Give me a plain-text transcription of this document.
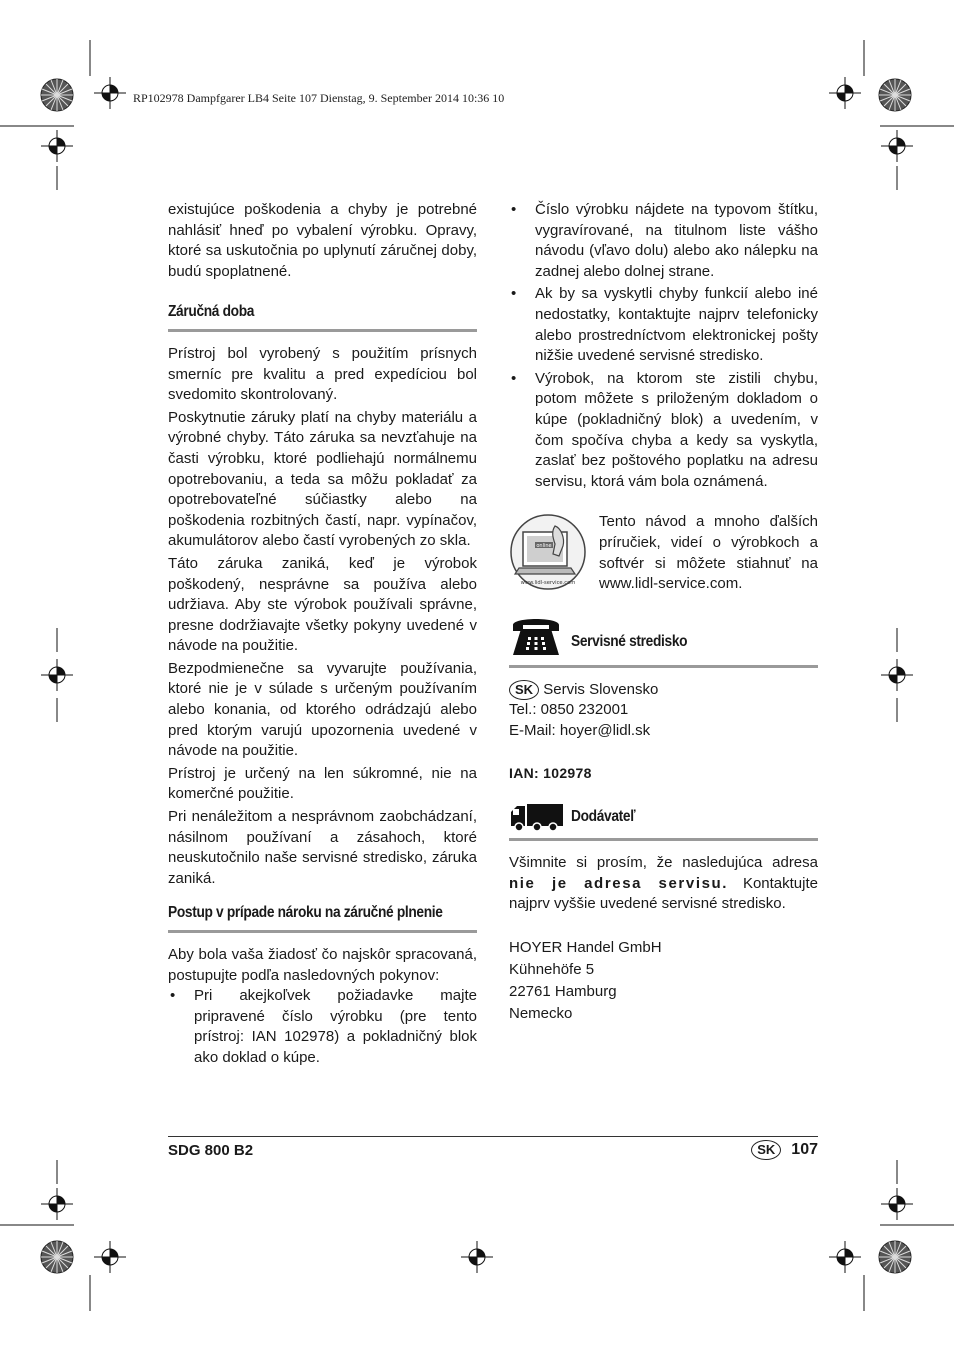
RP102978 Dampfgarer LB4 Seite 107 Dienstag, 9. September 2014 10:36 10

existujúce poškodenia a chyby je potrebné nahlásiť hneď po vybalení výrobku. Opravy, ktoré sa uskutočnia po uplynutí záručnej doby, budú spoplatnené.

Záručná doba

Prístroj bol vyrobený s použitím prísnych smerníc pre kvalitu a pred expedíciou bol svedomito skontrolovaný.

Poskytnutie záruky platí na chyby materiálu a výrobné chyby. Táto záruka sa nevzťahuje na časti výrobku, ktoré podliehajú normálnemu opotrebovaniu, a teda sa môžu pokladať za opotrebovateľné súčiastky alebo na poškodenia rozbitných častí, napr. vypínačov, akumulátorov alebo častí vyrobených zo skla.

Táto záruka zaniká, keď je výrobok poškodený, nesprávne sa používa alebo udržiava. Aby ste výrobok používali správne, presne dodržiavajte všetky pokyny uvedené v návode na použitie.

Bezpodmienečne sa vyvarujte používania, ktoré nie je v súlade s určeným používaním alebo konania, od ktorého odrádzajú alebo pred ktorým varujú upozornenia uvedené v návode na použitie.

Prístroj je určený na len súkromné, nie na komerčné použitie.

Pri nenáležitom a nesprávnom zaobchádzaní, násilnom používaní a zásahoch, ktoré neuskutočnilo naše servisné stredisko, záruka zaniká.

Postup v prípade nároku na záručné plnenie

Aby bola vaša žiadosť čo najskôr spracovaná, postupujte podľa nasledovných pokynov:

• Pri akejkoľvek požiadavke majte pripravené číslo výrobku (pre tento prístroj: IAN 102978) a pokladničný blok ako doklad o kúpe.
• Číslo výrobku nájdete na typovom štítku, vygravírované, na titulnom liste vášho návodu (vľavo dolu) alebo ako nálepku na zadnej alebo dolnej strane.
• Ak by sa vyskytli chyby funkcií alebo iné nedostatky, kontaktujte najprv telefonicky alebo prostredníctvom elektronickej pošty nižšie uvedené servisné stredisko.
• Výrobok, na ktorom ste zistili chybu, potom môžete s priloženým dokladom o kúpe (pokladničný blok) a uvedením, v čom spočíva chyba a kedy sa vyskytla, zaslať bez poštového poplatku na adresu servisu, ktorá vám bola oznámená.
online
www.lidl-service.com

Tento návod a mnoho ďalších príručiek, videí o výrobkoch a softvér si môžete stiahnuť na www.lidl-service.com.

Servisné stredisko
SK Servis Slovensko
Tel.: 0850 232001
E-Mail: hoyer@lidl.sk
IAN: 102978
Dodávateľ

Všimnite si prosím, že nasledujúca adresa nie je adresa servisu. Kontaktujte najprv vyššie uvedené servisné stredisko.

HOYER Handel GmbH
Kühnehöfe 5
22761 Hamburg
Nemecko
SDG 800 B2	SK	107
